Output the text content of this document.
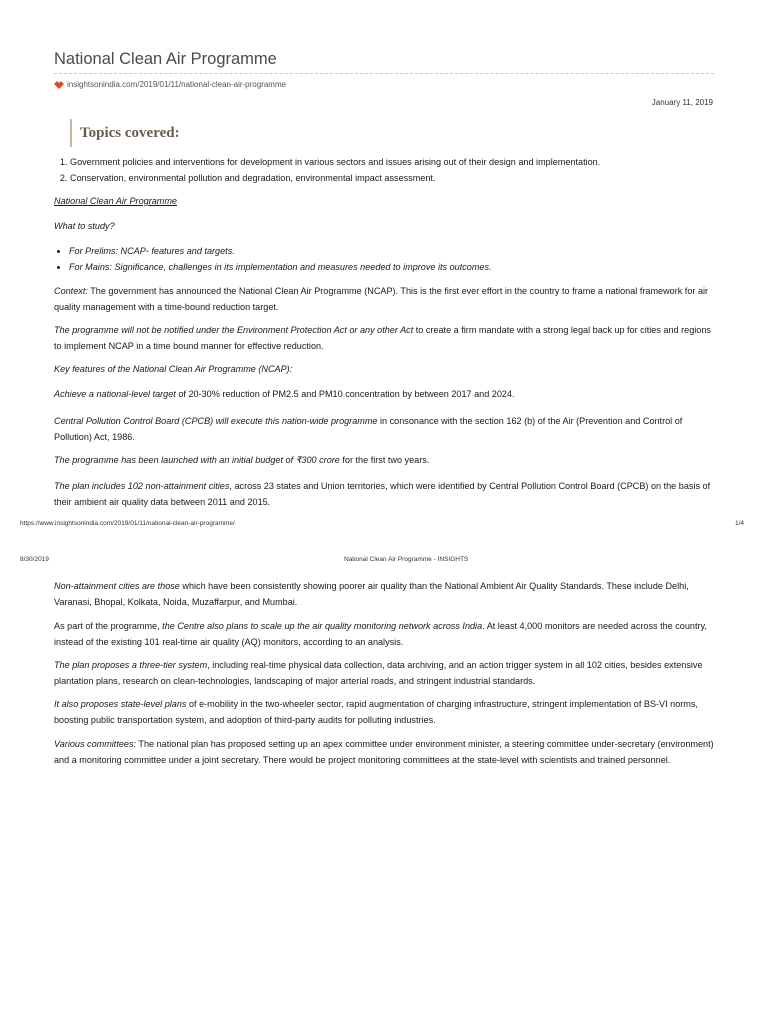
National Clean Air Programme
insightsonindia.com/2019/01/11/national-clean-air-programme
January 11, 2019
Topics covered:
1. Government policies and interventions for development in various sectors and issues arising out of their design and implementation.
2. Conservation, environmental pollution and degradation, environmental impact assessment.

National Clean Air Programme

What to study?

• For Prelims: NCAP- features and targets.
• For Mains: Significance, challenges in its implementation and measures needed to improve its outcomes.

Context: The government has announced the National Clean Air Programme (NCAP). This is the first ever effort in the country to frame a national framework for air quality management with a time-bound reduction target.

The programme will not be notified under the Environment Protection Act or any other Act to create a firm mandate with a strong legal back up for cities and regions to implement NCAP in a time bound manner for effective reduction.

Key features of the National Clean Air Programme (NCAP):

Achieve a national-level target of 20-30% reduction of PM2.5 and PM10 concentration by between 2017 and 2024.

Central Pollution Control Board (CPCB) will execute this nation-wide programme in consonance with the section 162 (b) of the Air (Prevention and Control of Pollution) Act, 1986.

The programme has been launched with an initial budget of ₹300 crore for the first two years.

The plan includes 102 non-attainment cities, across 23 states and Union territories, which were identified by Central Pollution Control Board (CPCB) on the basis of their ambient air quality data between 2011 and 2015.

https://www.insightsonindia.com/2019/01/11/national-clean-air-programme/	1/4
8/30/2019	National Clean Air Programme - INSIGHTS

Non-attainment cities are those which have been consistently showing poorer air quality than the National Ambient Air Quality Standards. These include Delhi, Varanasi, Bhopal, Kolkata, Noida, Muzaffarpur, and Mumbai.

As part of the programme, the Centre also plans to scale up the air quality monitoring network across India. At least 4,000 monitors are needed across the country, instead of the existing 101 real-time air quality (AQ) monitors, according to an analysis.

The plan proposes a three-tier system, including real-time physical data collection, data archiving, and an action trigger system in all 102 cities, besides extensive plantation plans, research on clean-technologies, landscaping of major arterial roads, and stringent industrial standards.

It also proposes state-level plans of e-mobility in the two-wheeler sector, rapid augmentation of charging infrastructure, stringent implementation of BS-VI norms, boosting public transportation system, and adoption of third-party audits for polluting industries.

Various committees: The national plan has proposed setting up an apex committee under environment minister, a steering committee under-secretary (environment) and a monitoring committee under a joint secretary. There would be project monitoring committees at the state-level with scientists and trained personnel.
